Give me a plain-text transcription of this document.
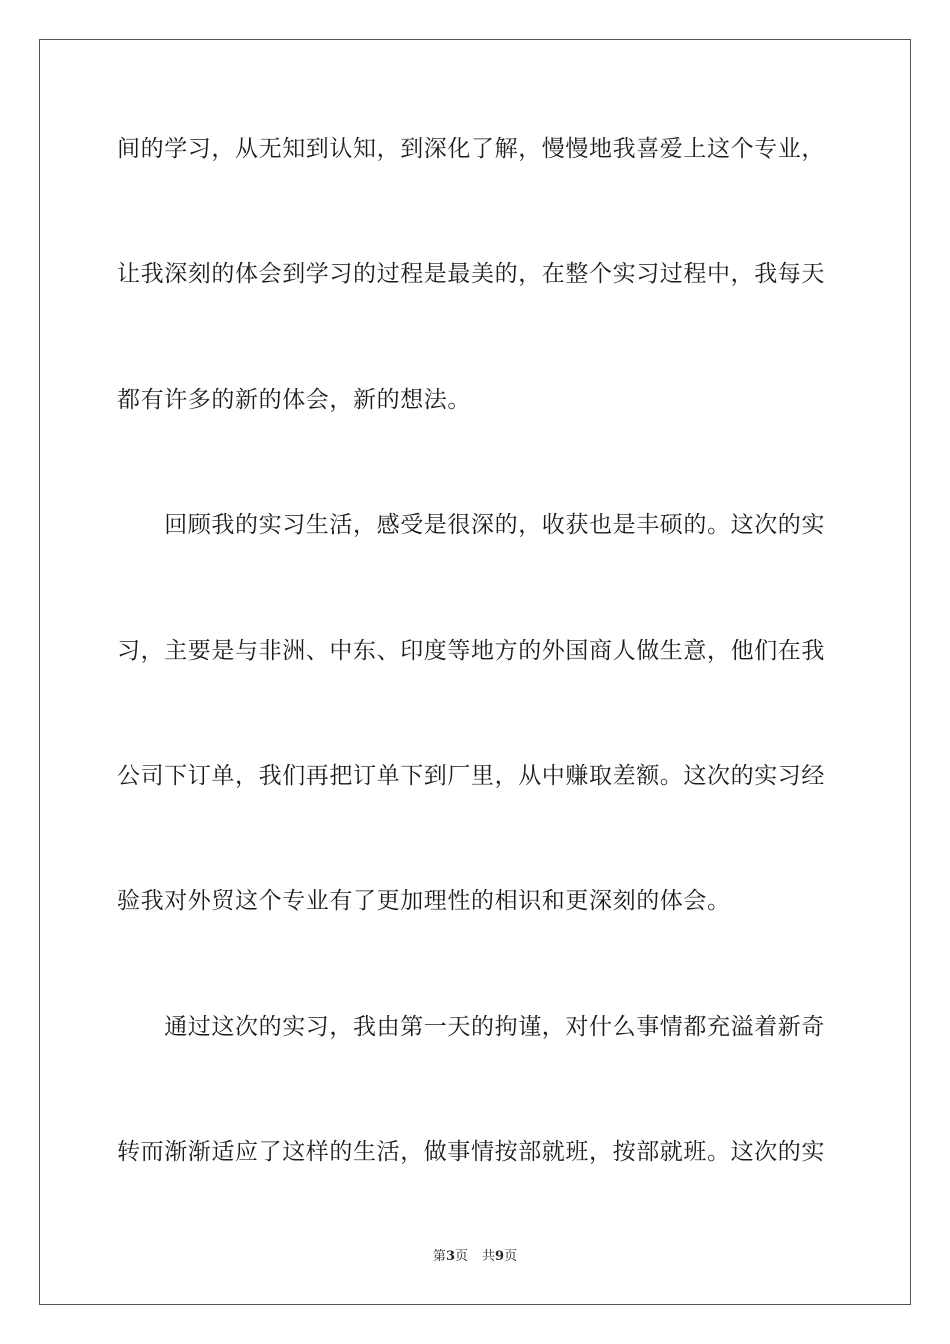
间的学习，从无知到认知，到深化了解，慢慢地我喜爱上这个专业，
让我深刻的体会到学习的过程是最美的，在整个实习过程中，我每天
都有许多的新的体会，新的想法。
　　回顾我的实习生活，感受是很深的，收获也是丰硕的。这次的实
习，主要是与非洲、中东、印度等地方的外国商人做生意，他们在我
公司下订单，我们再把订单下到厂里，从中赚取差额。这次的实习经
验我对外贸这个专业有了更加理性的相识和更深刻的体会。
　　通过这次的实习，我由第一天的拘谨，对什么事情都充溢着新奇
转而渐渐适应了这样的生活，做事情按部就班，按部就班。这次的实
第3页 共9页
